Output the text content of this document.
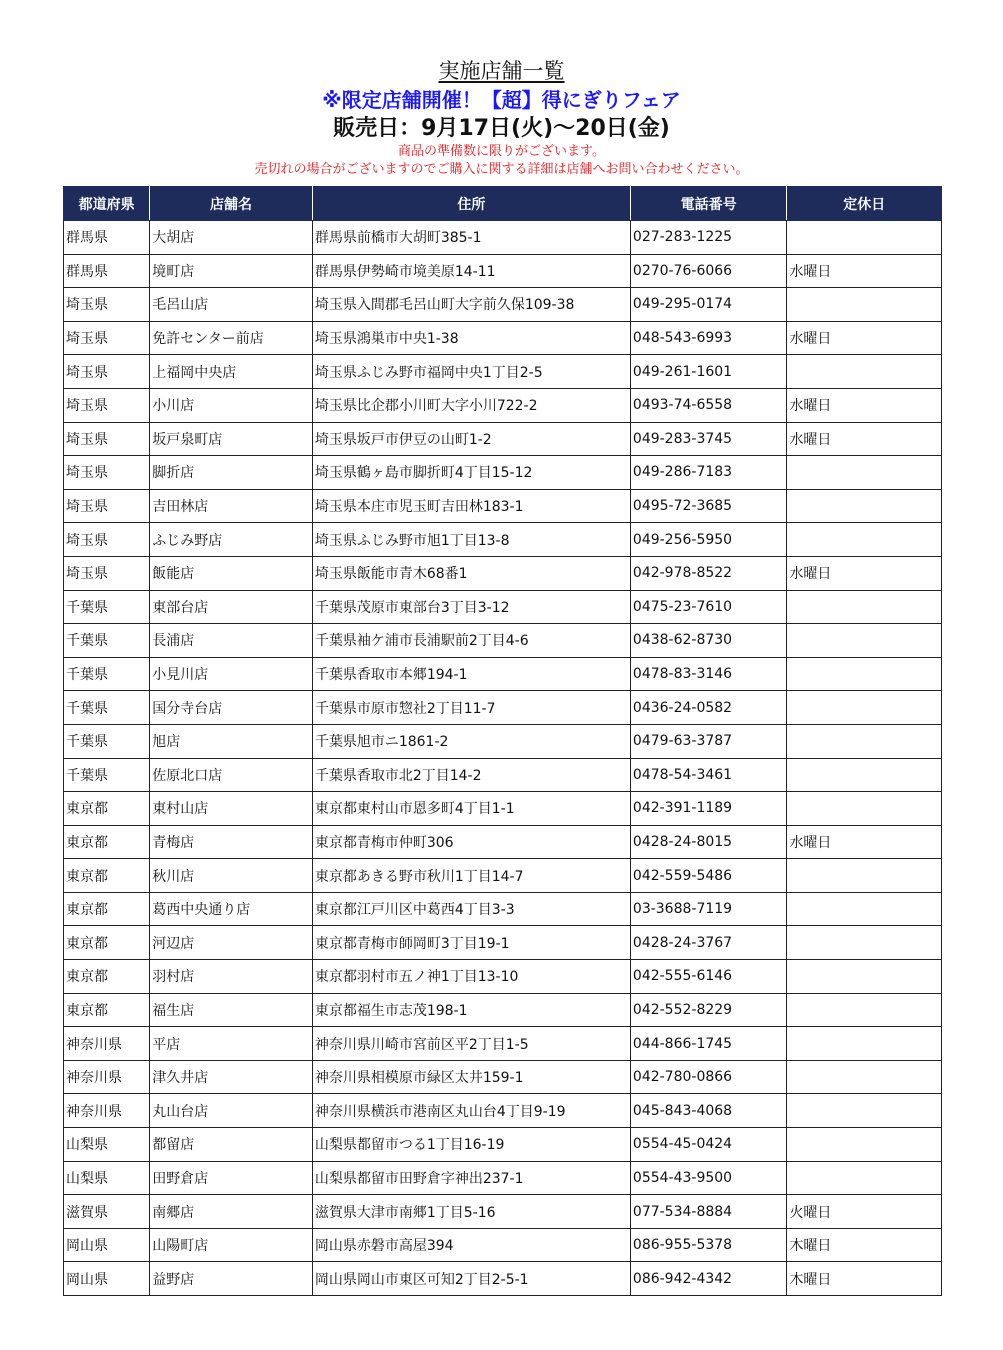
実施店舗一覧
※限定店舗開催！【超】得にぎりフェア
販売日：9月17日(火)～20日(金)
商品の準備数に限りがございます。
売切れの場合がございますのでご購入に関する詳細は店舗へお問い合わせください。
都道府県	店舗名	住所	電話番号	定休日
群馬県	大胡店	群馬県前橋市大胡町385-1	027-283-1225	
群馬県	境町店	群馬県伊勢崎市境美原14-11	0270-76-6066	水曜日
埼玉県	毛呂山店	埼玉県入間郡毛呂山町大字前久保109-38	049-295-0174	
埼玉県	免許センター前店	埼玉県鴻巣市中央1-38	048-543-6993	水曜日
埼玉県	上福岡中央店	埼玉県ふじみ野市福岡中央1丁目2-5	049-261-1601	
埼玉県	小川店	埼玉県比企郡小川町大字小川722-2	0493-74-6558	水曜日
埼玉県	坂戸泉町店	埼玉県坂戸市伊豆の山町1-2	049-283-3745	水曜日
埼玉県	脚折店	埼玉県鶴ヶ島市脚折町4丁目15-12	049-286-7183	
埼玉県	吉田林店	埼玉県本庄市児玉町吉田林183-1	0495-72-3685	
埼玉県	ふじみ野店	埼玉県ふじみ野市旭1丁目13-8	049-256-5950	
埼玉県	飯能店	埼玉県飯能市青木68番1	042-978-8522	水曜日
千葉県	東部台店	千葉県茂原市東部台3丁目3-12	0475-23-7610	
千葉県	長浦店	千葉県袖ケ浦市長浦駅前2丁目4-6	0438-62-8730	
千葉県	小見川店	千葉県香取市本郷194-1	0478-83-3146	
千葉県	国分寺台店	千葉県市原市惣社2丁目11-7	0436-24-0582	
千葉県	旭店	千葉県旭市ニ1861-2	0479-63-3787	
千葉県	佐原北口店	千葉県香取市北2丁目14-2	0478-54-3461	
東京都	東村山店	東京都東村山市恩多町4丁目1-1	042-391-1189	
東京都	青梅店	東京都青梅市仲町306	0428-24-8015	水曜日
東京都	秋川店	東京都あきる野市秋川1丁目14-7	042-559-5486	
東京都	葛西中央通り店	東京都江戸川区中葛西4丁目3-3	03-3688-7119	
東京都	河辺店	東京都青梅市師岡町3丁目19-1	0428-24-3767	
東京都	羽村店	東京都羽村市五ノ神1丁目13-10	042-555-6146	
東京都	福生店	東京都福生市志茂198-1	042-552-8229	
神奈川県	平店	神奈川県川崎市宮前区平2丁目1-5	044-866-1745	
神奈川県	津久井店	神奈川県相模原市緑区太井159-1	042-780-0866	
神奈川県	丸山台店	神奈川県横浜市港南区丸山台4丁目9-19	045-843-4068	
山梨県	都留店	山梨県都留市つる1丁目16-19	0554-45-0424	
山梨県	田野倉店	山梨県都留市田野倉字神出237-1	0554-43-9500	
滋賀県	南郷店	滋賀県大津市南郷1丁目5-16	077-534-8884	火曜日
岡山県	山陽町店	岡山県赤磐市高屋394	086-955-5378	木曜日
岡山県	益野店	岡山県岡山市東区可知2丁目2-5-1	086-942-4342	木曜日
